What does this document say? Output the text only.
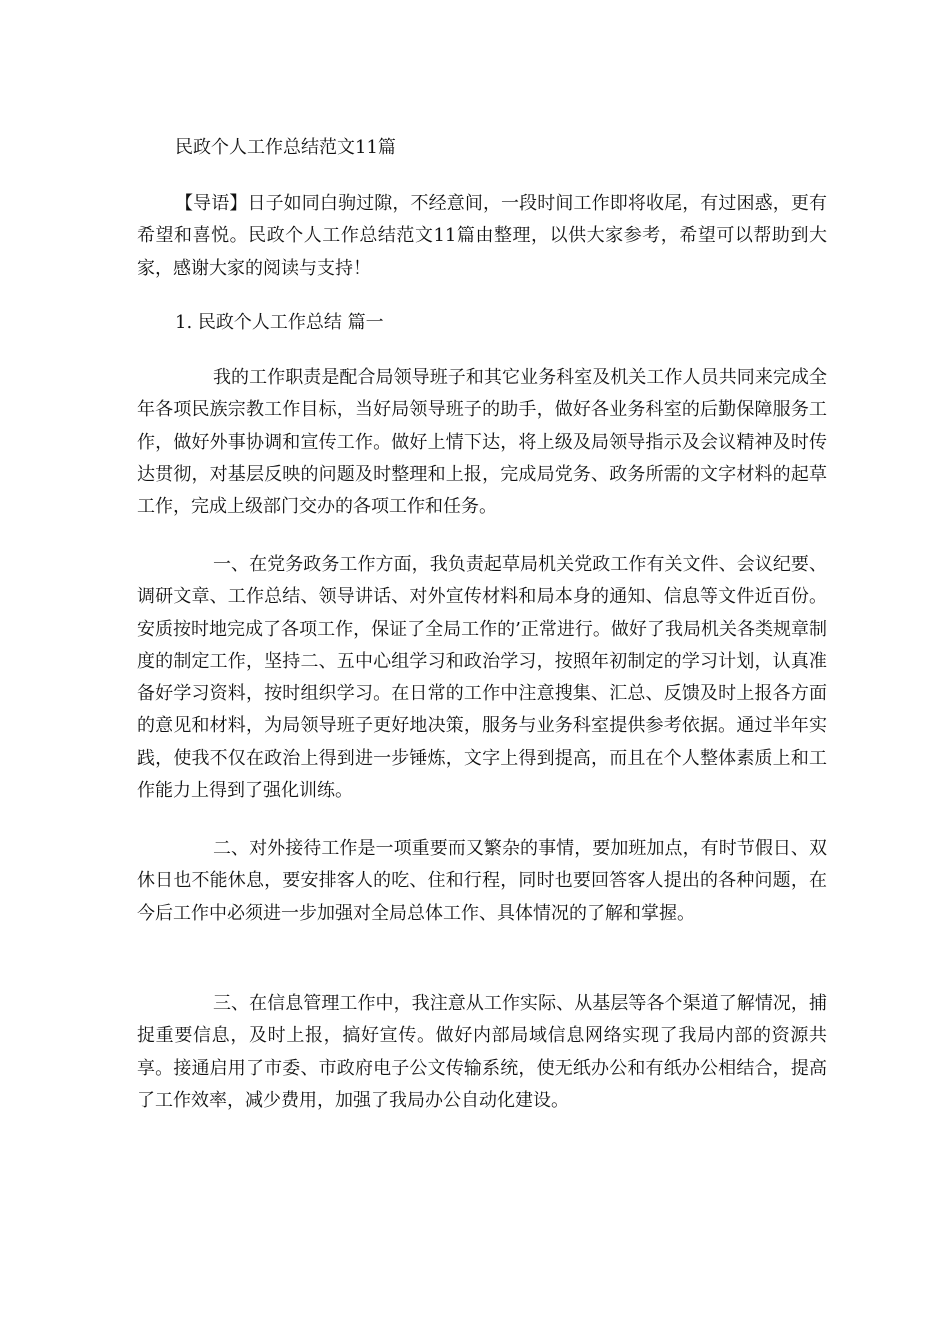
民政个人工作总结范文11篇

【导语】日子如同白驹过隙，不经意间，一段时间工作即将收尾，有过困惑，更有希望和喜悦。民政个人工作总结范文11篇由整理，以供大家参考，希望可以帮助到大家，感谢大家的阅读与支持！

1. 民政个人工作总结 篇一

我的工作职责是配合局领导班子和其它业务科室及机关工作人员共同来完成全年各项民族宗教工作目标，当好局领导班子的助手，做好各业务科室的后勤保障服务工作，做好外事协调和宣传工作。做好上情下达，将上级及局领导指示及会议精神及时传达贯彻，对基层反映的问题及时整理和上报，完成局党务、政务所需的文字材料的起草工作，完成上级部门交办的各项工作和任务。

一、在党务政务工作方面，我负责起草局机关党政工作有关文件、会议纪要、调研文章、工作总结、领导讲话、对外宣传材料和局本身的通知、信息等文件近百份。安质按时地完成了各项工作，保证了全局工作的’正常进行。做好了我局机关各类规章制度的制定工作，坚持二、五中心组学习和政治学习，按照年初制定的学习计划，认真准备好学习资料，按时组织学习。在日常的工作中注意搜集、汇总、反馈及时上报各方面的意见和材料，为局领导班子更好地决策，服务与业务科室提供参考依据。通过半年实践，使我不仅在政治上得到进一步锤炼，文字上得到提高，而且在个人整体素质上和工作能力上得到了强化训练。

二、对外接待工作是一项重要而又繁杂的事情，要加班加点，有时节假日、双休日也不能休息，要安排客人的吃、住和行程，同时也要回答客人提出的各种问题，在今后工作中必须进一步加强对全局总体工作、具体情况的了解和掌握。

三、在信息管理工作中，我注意从工作实际、从基层等各个渠道了解情况，捕捉重要信息，及时上报，搞好宣传。做好内部局域信息网络实现了我局内部的资源共享。接通启用了市委、市政府电子公文传输系统，使无纸办公和有纸办公相结合，提高了工作效率，减少费用，加强了我局办公自动化建设。
